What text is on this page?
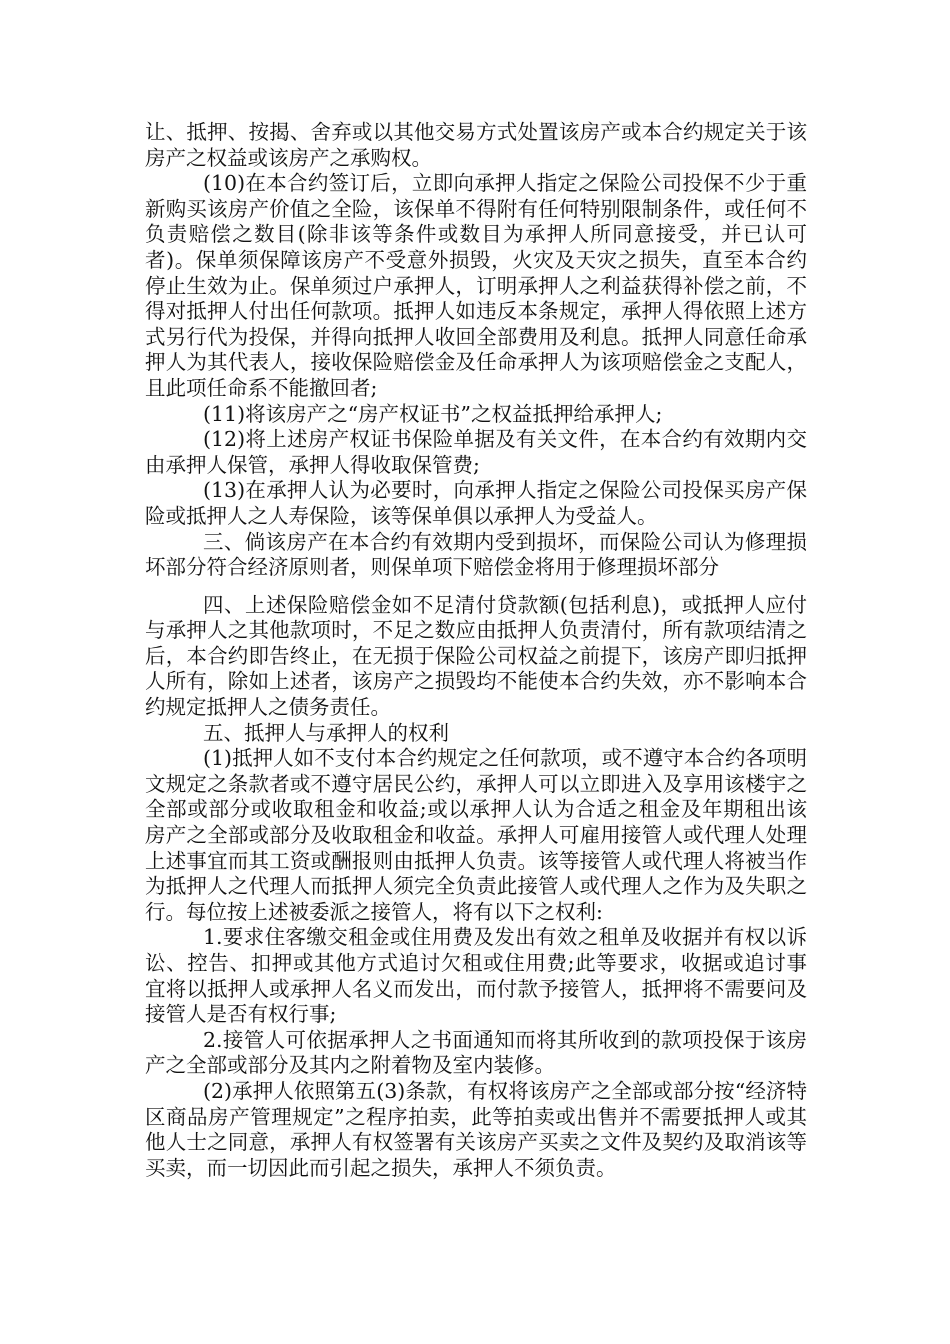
让、抵押、按揭、舍弃或以其他交易方式处置该房产或本合约规定关于该房产之权益或该房产之承购权。

(10)在本合约签订后，立即向承押人指定之保险公司投保不少于重新购买该房产价值之全险，该保单不得附有任何特别限制条件，或任何不负责赔偿之数目(除非该等条件或数目为承押人所同意接受，并已认可者)。保单须保障该房产不受意外损毁，火灾及天灾之损失，直至本合约停止生效为止。保单须过户承押人，订明承押人之利益获得补偿之前，不得对抵押人付出任何款项。抵押人如违反本条规定，承押人得依照上述方式另行代为投保，并得向抵押人收回全部费用及利息。抵押人同意任命承押人为其代表人，接收保险赔偿金及任命承押人为该项赔偿金之支配人，且此项任命系不能撤回者;

(11)将该房产之“房产权证书”之权益抵押给承押人;

(12)将上述房产权证书保险单据及有关文件，在本合约有效期内交由承押人保管，承押人得收取保管费;

(13)在承押人认为必要时，向承押人指定之保险公司投保买房产保险或抵押人之人寿保险，该等保单俱以承押人为受益人。

三、倘该房产在本合约有效期内受到损坏，而保险公司认为修理损坏部分符合经济原则者，则保单项下赔偿金将用于修理损坏部分

四、上述保险赔偿金如不足清付贷款额(包括利息)，或抵押人应付与承押人之其他款项时，不足之数应由抵押人负责清付，所有款项结清之后，本合约即告终止，在无损于保险公司权益之前提下，该房产即归抵押人所有，除如上述者，该房产之损毁均不能使本合约失效，亦不影响本合约规定抵押人之债务责任。

五、抵押人与承押人的权利

(1)抵押人如不支付本合约规定之任何款项，或不遵守本合约各项明文规定之条款者或不遵守居民公约，承押人可以立即进入及享用该楼宇之全部或部分或收取租金和收益;或以承押人认为合适之租金及年期租出该房产之全部或部分及收取租金和收益。承押人可雇用接管人或代理人处理上述事宜而其工资或酬报则由抵押人负责。该等接管人或代理人将被当作为抵押人之代理人而抵押人须完全负责此接管人或代理人之作为及失职之行。每位按上述被委派之接管人，将有以下之权利:

1.要求住客缴交租金或住用费及发出有效之租单及收据并有权以诉讼、控告、扣押或其他方式追讨欠租或住用费;此等要求，收据或追讨事宜将以抵押人或承押人名义而发出，而付款予接管人，抵押将不需要问及接管人是否有权行事;

2.接管人可依据承押人之书面通知而将其所收到的款项投保于该房产之全部或部分及其内之附着物及室内装修。

(2)承押人依照第五(3)条款，有权将该房产之全部或部分按“经济特区商品房产管理规定”之程序拍卖，此等拍卖或出售并不需要抵押人或其他人士之同意，承押人有权签署有关该房产买卖之文件及契约及取消该等买卖，而一切因此而引起之损失，承押人不须负责。
